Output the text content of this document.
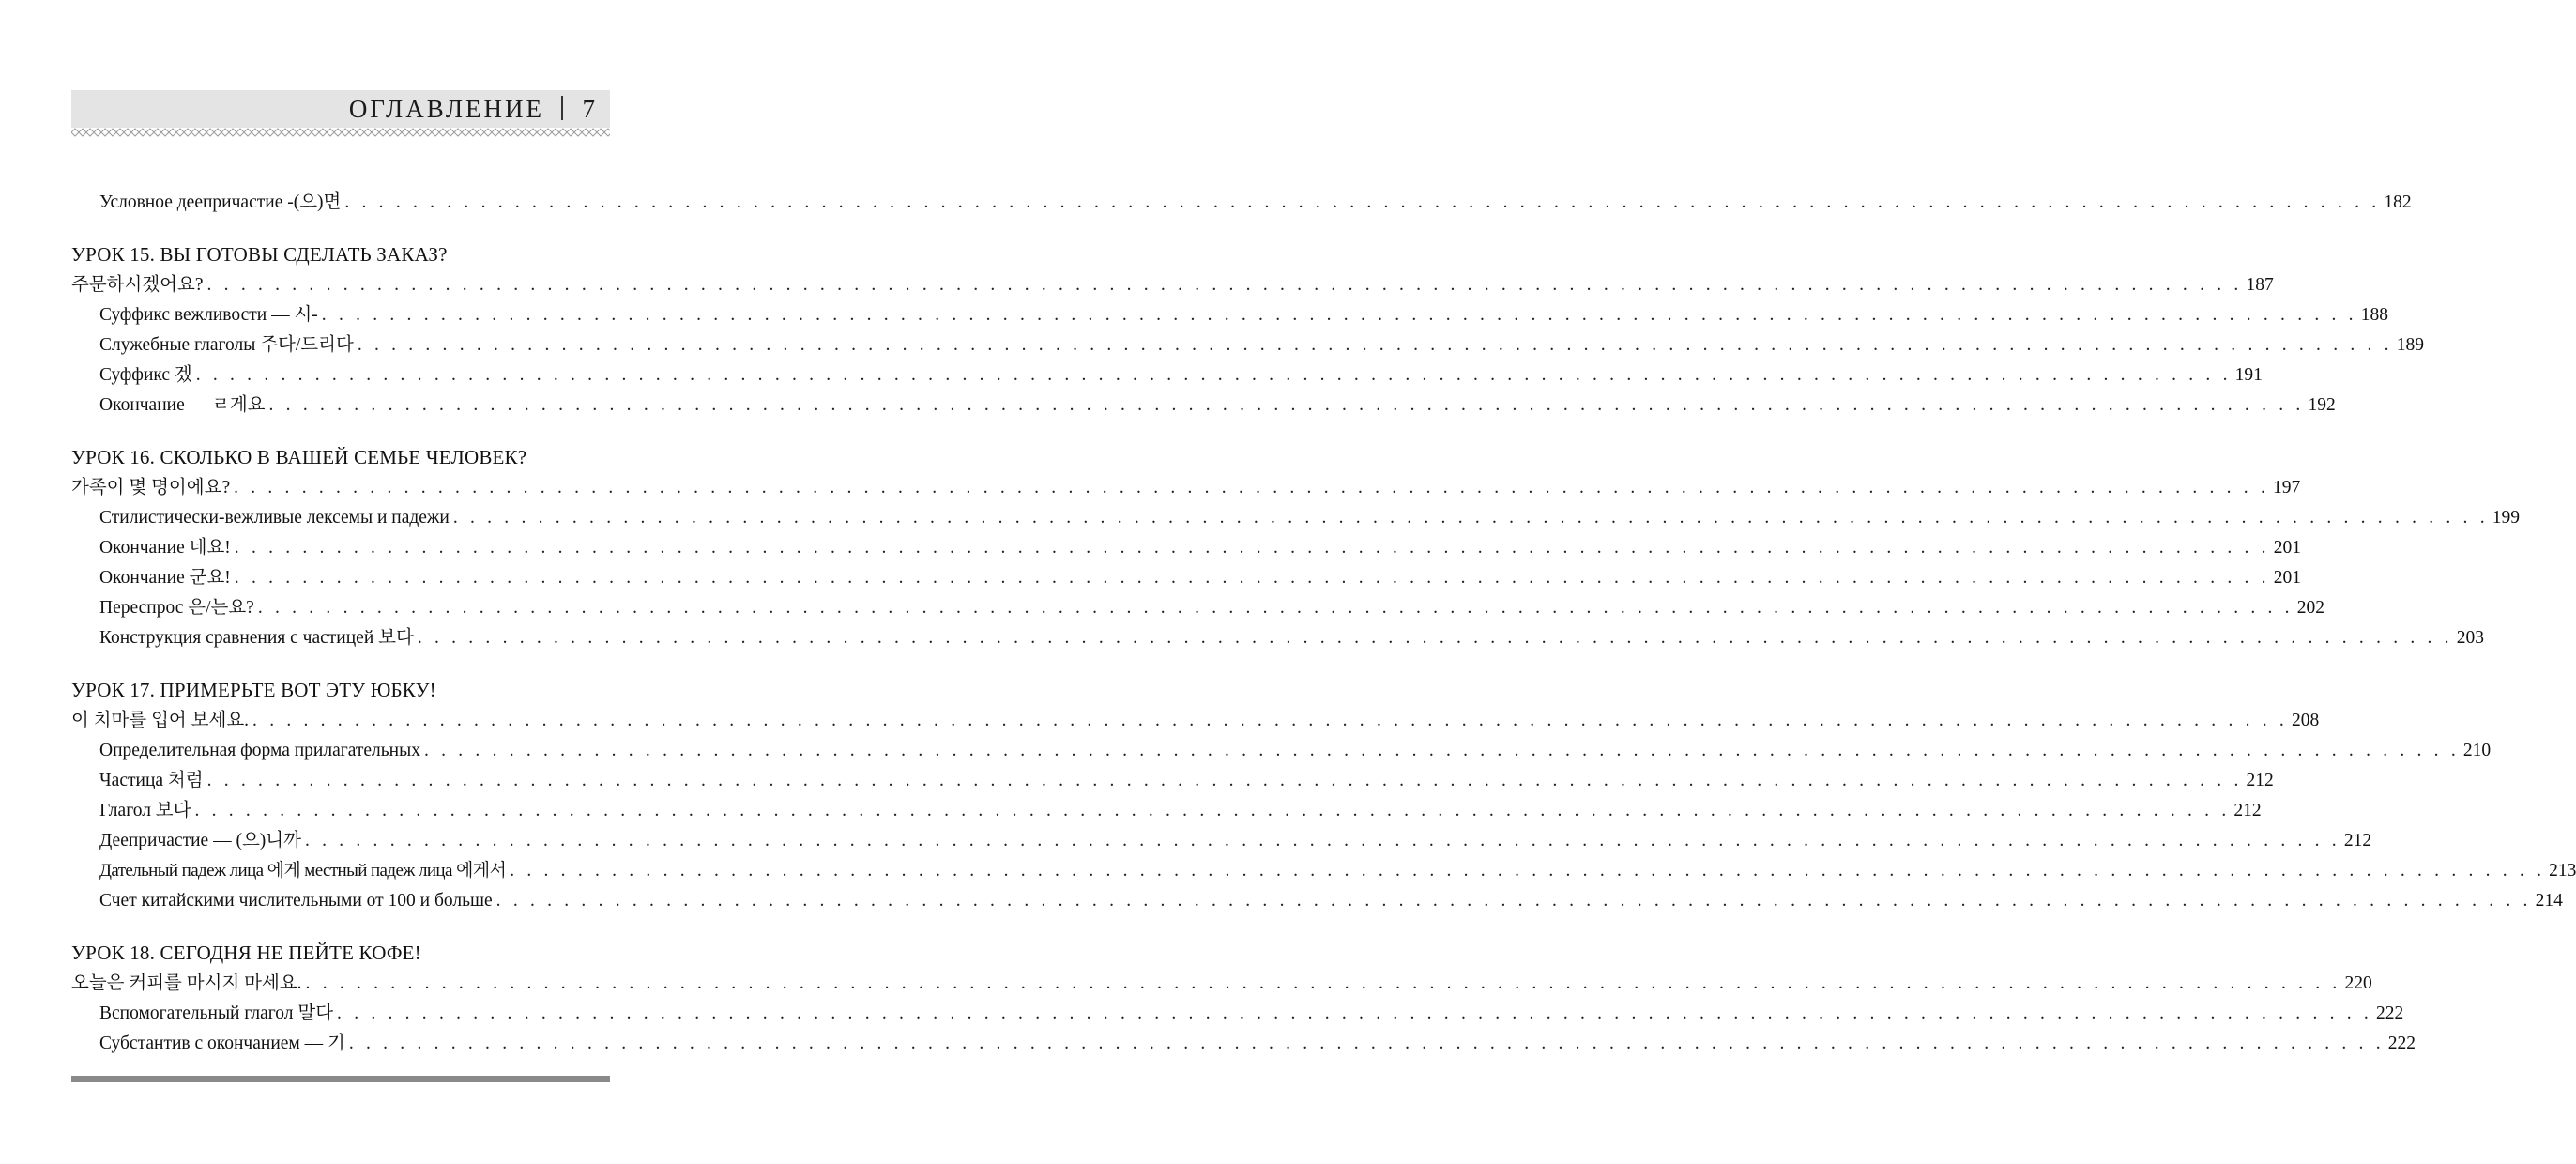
ОГЛАВЛЕНИЕ 7
Условное деепричастие -(으)면 . . . . . . . . . . . . . . . . . . . . . . . . . . . . . . . . . . . . . . . . . . . . . . . . . . . . . . . . . . . . . . . . . . . . . . . . . . . . . . . . . . . . . . . . . . . . . . . . . . . . . . . . . . . . . . . . . . . . . . . . 182
УРОК 15. ВЫ ГОТОВЫ СДЕЛАТЬ ЗАКАЗ?
주문하시겠어요? . . . . . . . . . . . . . . . . . . . . . . . . . . . . . . . . . . . . . . . . . . . . . . . . . . . . . . . . . . . . . . . . . . . . . . . . . . . . . . . . . . . . . . . . . . . . . . . . . . . . . . . . . . . . . . . . . . . . . . . . 187
Суффикс вежливости — 시- . . . . . . . . . . . . . . . . . . . . . . . . . . . . . . . . . . . . . . . . . . . . . . . . . . . . . . . . . . . . . . . . . . . . . . . . . . . . . . . . . . . . . . . . . . . . . . . . . . . . . . . . . . . . . . . . . . . . . . . . 188
Служебные глаголы 주다/드리다 . . . . . . . . . . . . . . . . . . . . . . . . . . . . . . . . . . . . . . . . . . . . . . . . . . . . . . . . . . . . . . . . . . . . . . . . . . . . . . . . . . . . . . . . . . . . . . . . . . . . . . . . . . . . . . . . . . . . . . . . 189
Суффикс 겠 . . . . . . . . . . . . . . . . . . . . . . . . . . . . . . . . . . . . . . . . . . . . . . . . . . . . . . . . . . . . . . . . . . . . . . . . . . . . . . . . . . . . . . . . . . . . . . . . . . . . . . . . . . . . . . . . . . . . . . . . 191
Окончание — ㄹ게요 . . . . . . . . . . . . . . . . . . . . . . . . . . . . . . . . . . . . . . . . . . . . . . . . . . . . . . . . . . . . . . . . . . . . . . . . . . . . . . . . . . . . . . . . . . . . . . . . . . . . . . . . . . . . . . . . . . . . . . . . 192
УРОК 16. СКОЛЬКО В ВАШЕЙ СЕМЬЕ ЧЕЛОВЕК?
가족이 몇 명이에요? . . . . . . . . . . . . . . . . . . . . . . . . . . . . . . . . . . . . . . . . . . . . . . . . . . . . . . . . . . . . . . . . . . . . . . . . . . . . . . . . . . . . . . . . . . . . . . . . . . . . . . . . . . . . . . . . . . . . . . . . 197
Стилистически-вежливые лексемы и падежи . . . . . . . . . . . . . . . . . . . . . . . . . . . . . . . . . . . . . . . . . . . . . . . . . . . . . . . . . . . . . . . . . . . . . . . . . . . . . . . . . . . . . . . . . . . . . . . . . . . . . . . . . . . . . . . . . . . . . . . . 199
Окончание 네요! . . . . . . . . . . . . . . . . . . . . . . . . . . . . . . . . . . . . . . . . . . . . . . . . . . . . . . . . . . . . . . . . . . . . . . . . . . . . . . . . . . . . . . . . . . . . . . . . . . . . . . . . . . . . . . . . . . . . . . . . 201
Окончание 군요! . . . . . . . . . . . . . . . . . . . . . . . . . . . . . . . . . . . . . . . . . . . . . . . . . . . . . . . . . . . . . . . . . . . . . . . . . . . . . . . . . . . . . . . . . . . . . . . . . . . . . . . . . . . . . . . . . . . . . . . . 201
Переспрос 은/는요? . . . . . . . . . . . . . . . . . . . . . . . . . . . . . . . . . . . . . . . . . . . . . . . . . . . . . . . . . . . . . . . . . . . . . . . . . . . . . . . . . . . . . . . . . . . . . . . . . . . . . . . . . . . . . . . . . . . . . . . . 202
Конструкция сравнения с частицей 보다 . . . . . . . . . . . . . . . . . . . . . . . . . . . . . . . . . . . . . . . . . . . . . . . . . . . . . . . . . . . . . . . . . . . . . . . . . . . . . . . . . . . . . . . . . . . . . . . . . . . . . . . . . . . . . . . . . . . . . . . . 203
УРОК 17. ПРИМЕРЬТЕ ВОТ ЭТУ ЮБКУ!
이 치마를 입어 보세요. . . . . . . . . . . . . . . . . . . . . . . . . . . . . . . . . . . . . . . . . . . . . . . . . . . . . . . . . . . . . . . . . . . . . . . . . . . . . . . . . . . . . . . . . . . . . . . . . . . . . . . . . . . . . . . . . . . . . . . . . 208
Определительная форма прилагательных . . . . . . . . . . . . . . . . . . . . . . . . . . . . . . . . . . . . . . . . . . . . . . . . . . . . . . . . . . . . . . . . . . . . . . . . . . . . . . . . . . . . . . . . . . . . . . . . . . . . . . . . . . . . . . . . . . . . . . . . 210
Частица 처럼 . . . . . . . . . . . . . . . . . . . . . . . . . . . . . . . . . . . . . . . . . . . . . . . . . . . . . . . . . . . . . . . . . . . . . . . . . . . . . . . . . . . . . . . . . . . . . . . . . . . . . . . . . . . . . . . . . . . . . . . . 212
Глагол 보다 . . . . . . . . . . . . . . . . . . . . . . . . . . . . . . . . . . . . . . . . . . . . . . . . . . . . . . . . . . . . . . . . . . . . . . . . . . . . . . . . . . . . . . . . . . . . . . . . . . . . . . . . . . . . . . . . . . . . . . . . 212
Деепричастие — (으)니까 . . . . . . . . . . . . . . . . . . . . . . . . . . . . . . . . . . . . . . . . . . . . . . . . . . . . . . . . . . . . . . . . . . . . . . . . . . . . . . . . . . . . . . . . . . . . . . . . . . . . . . . . . . . . . . . . . . . . . . . . 212
Дательный падеж лица 에게 местный падеж лица 에게서 . . . . . . . . . . . . . . . . . . . . . . . . . . . . . . . . . . . . . . . . . . . . . . . . . . . . . . . . . . . . . . . . . . . . . . . . . . . . . . . . . . . . . . . . . . . . . . . . . . . . . . . . . . . . . . . . . . . . . . . . 213
Счет китайскими числительными от 100 и больше . . . . . . . . . . . . . . . . . . . . . . . . . . . . . . . . . . . . . . . . . . . . . . . . . . . . . . . . . . . . . . . . . . . . . . . . . . . . . . . . . . . . . . . . . . . . . . . . . . . . . . . . . . . . . . . . . . . . . . . . 214
УРОК 18. СЕГОДНЯ НЕ ПЕЙТЕ КОФЕ!
오늘은 커피를 마시지 마세요. . . . . . . . . . . . . . . . . . . . . . . . . . . . . . . . . . . . . . . . . . . . . . . . . . . . . . . . . . . . . . . . . . . . . . . . . . . . . . . . . . . . . . . . . . . . . . . . . . . . . . . . . . . . . . . . . . . . . . . . . 220
Вспомогательный глагол 말다 . . . . . . . . . . . . . . . . . . . . . . . . . . . . . . . . . . . . . . . . . . . . . . . . . . . . . . . . . . . . . . . . . . . . . . . . . . . . . . . . . . . . . . . . . . . . . . . . . . . . . . . . . . . . . . . . . . . . . . . . 222
Субстантив с окончанием — 기 . . . . . . . . . . . . . . . . . . . . . . . . . . . . . . . . . . . . . . . . . . . . . . . . . . . . . . . . . . . . . . . . . . . . . . . . . . . . . . . . . . . . . . . . . . . . . . . . . . . . . . . . . . . . . . . . . . . . . . . . 222
